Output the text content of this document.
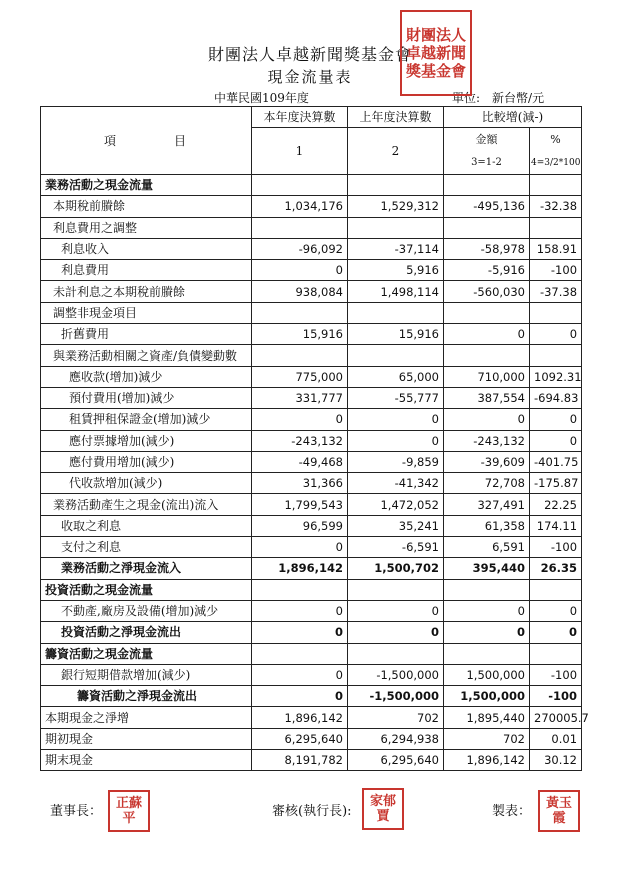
財團法人卓越新聞獎基金會
現金流量表
中華民國109年度	單位:　新台幣/元
財團法人卓越新聞獎基金會
項　　　　目	本年度決算數	上年度決算數	比較增(減-)	
	1	2	金額	%
			3=1-2	4=3/2*100
業務活動之現金流量				
本期稅前賸餘	1,034,176	1,529,312	-495,136	-32.38
利息費用之調整				
利息收入	-96,092	-37,114	-58,978	158.91
利息費用	0	5,916	-5,916	-100
未計利息之本期稅前賸餘	938,084	1,498,114	-560,030	-37.38
調整非現金項目				
折舊費用	15,916	15,916	0	0
與業務活動相關之資產/負債變動數				
應收款(增加)減少	775,000	65,000	710,000	1092.31
預付費用(增加)減少	331,777	-55,777	387,554	-694.83
租賃押租保證金(增加)減少	0	0	0	0
應付票據增加(減少)	-243,132	0	-243,132	0
應付費用增加(減少)	-49,468	-9,859	-39,609	-401.75
代收款增加(減少)	31,366	-41,342	72,708	-175.87
業務活動產生之現金(流出)流入	1,799,543	1,472,052	327,491	22.25
收取之利息	96,599	35,241	61,358	174.11
支付之利息	0	-6,591	6,591	-100
業務活動之淨現金流入	1,896,142	1,500,702	395,440	26.35
投資活動之現金流量				
不動產,廠房及設備(增加)減少	0	0	0	0
投資活動之淨現金流出	0	0	0	0
籌資活動之現金流量				
銀行短期借款增加(減少)	0	-1,500,000	1,500,000	-100
籌資活動之淨現金流出	0	-1,500,000	1,500,000	-100
本期現金之淨增	1,896,142	702	1,895,440	270005.7
期初現金	6,295,640	6,294,938	702	0.01
期末現金	8,191,782	6,295,640	1,896,142	30.12
董事長：
正蘇平	審核(執行長):
家郁賈	製表：
黃玉霞
